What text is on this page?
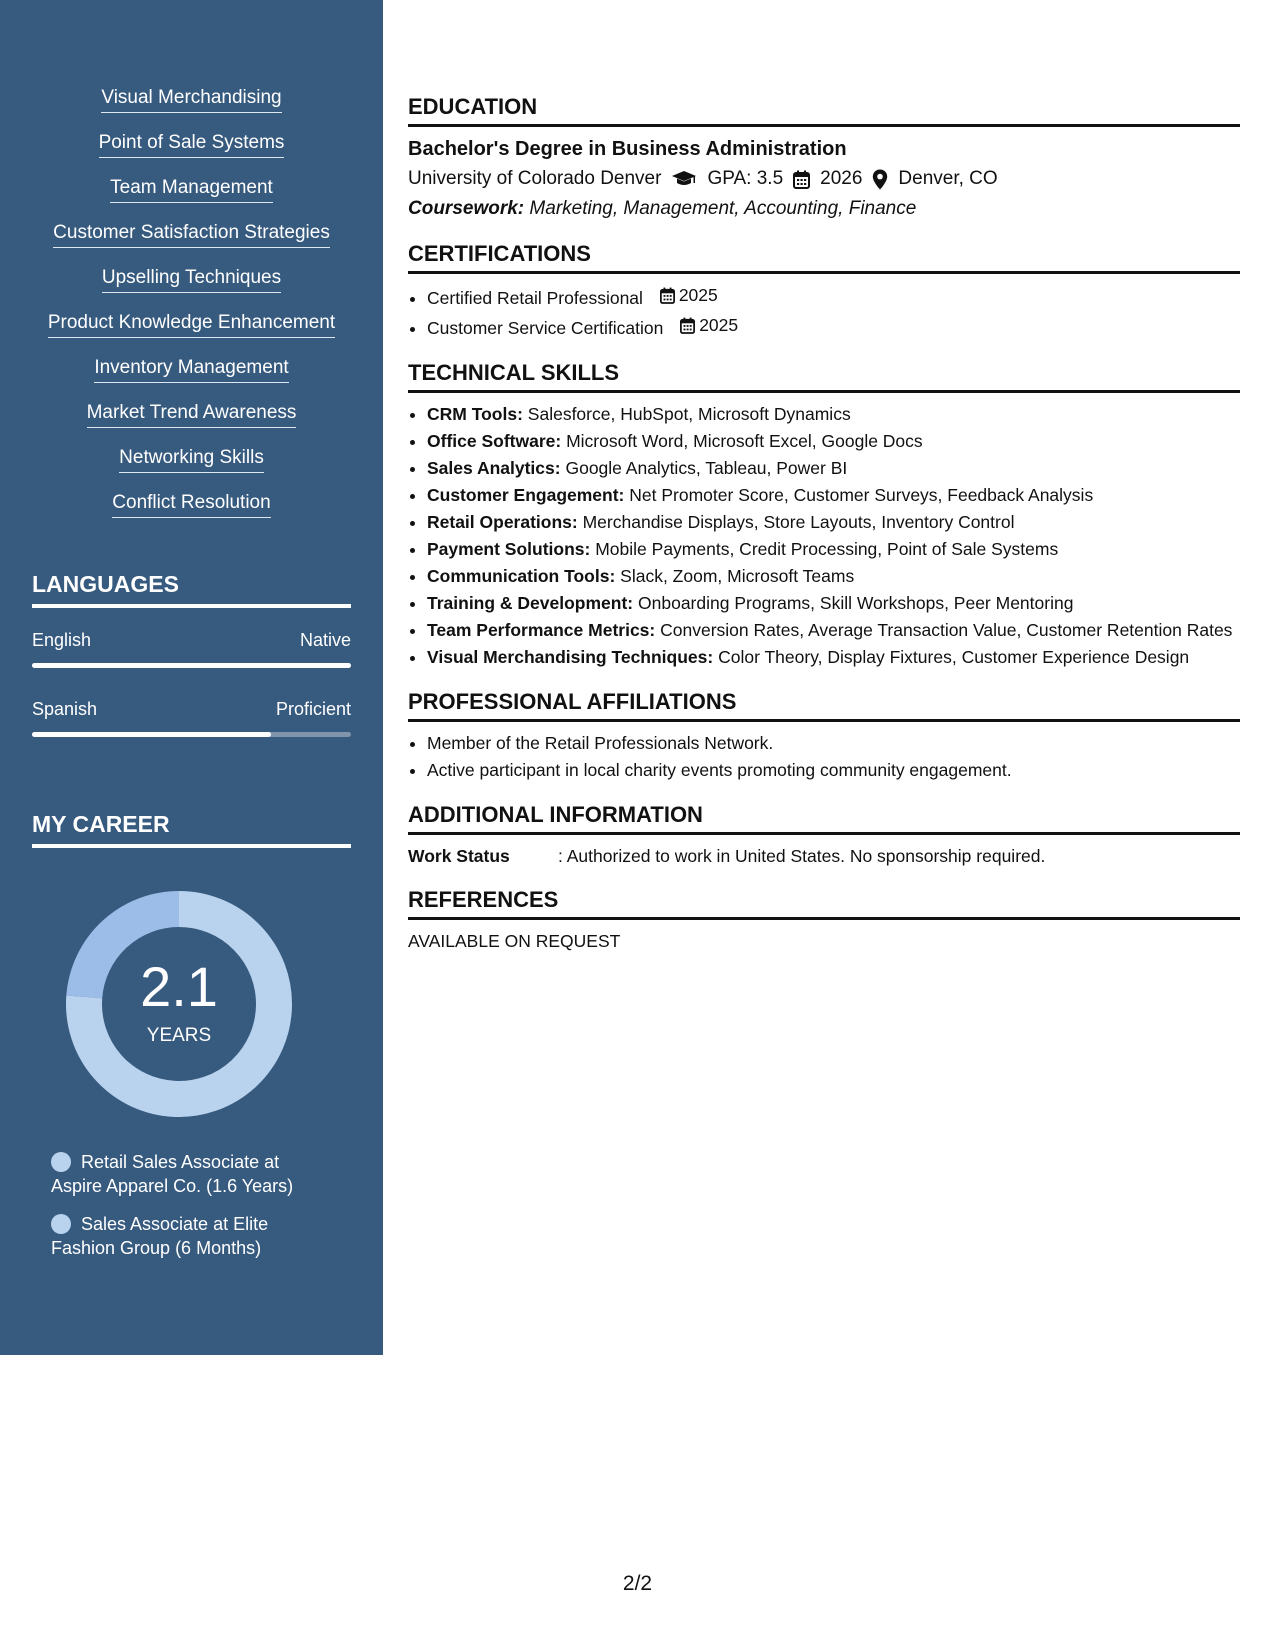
Visual Merchandising
Point of Sale Systems
Team Management
Customer Satisfaction Strategies
Upselling Techniques
Product Knowledge Enhancement
Inventory Management
Market Trend Awareness
Networking Skills
Conflict Resolution
LANGUAGES
English	Native
Spanish	Proficient
MY CAREER
2.1
YEARS
Retail Sales Associate at Aspire Apparel Co. (1.6 Years)
Sales Associate at Elite Fashion Group (6 Months)
EDUCATION
Bachelor's Degree in Business Administration
University of Colorado Denver GPA: 3.5 2026 Denver, CO
Coursework: Marketing, Management, Accounting, Finance
CERTIFICATIONS
• Certified Retail Professional 2025
• Customer Service Certification 2025
TECHNICAL SKILLS
• CRM Tools: Salesforce, HubSpot, Microsoft Dynamics
• Office Software: Microsoft Word, Microsoft Excel, Google Docs
• Sales Analytics: Google Analytics, Tableau, Power BI
• Customer Engagement: Net Promoter Score, Customer Surveys, Feedback Analysis
• Retail Operations: Merchandise Displays, Store Layouts, Inventory Control
• Payment Solutions: Mobile Payments, Credit Processing, Point of Sale Systems
• Communication Tools: Slack, Zoom, Microsoft Teams
• Training & Development: Onboarding Programs, Skill Workshops, Peer Mentoring
• Team Performance Metrics: Conversion Rates, Average Transaction Value, Customer Retention Rates
• Visual Merchandising Techniques: Color Theory, Display Fixtures, Customer Experience Design
PROFESSIONAL AFFILIATIONS
• Member of the Retail Professionals Network.
• Active participant in local charity events promoting community engagement.
ADDITIONAL INFORMATION
Work Status	: Authorized to work in United States. No sponsorship required.
REFERENCES
AVAILABLE ON REQUEST
2/2
